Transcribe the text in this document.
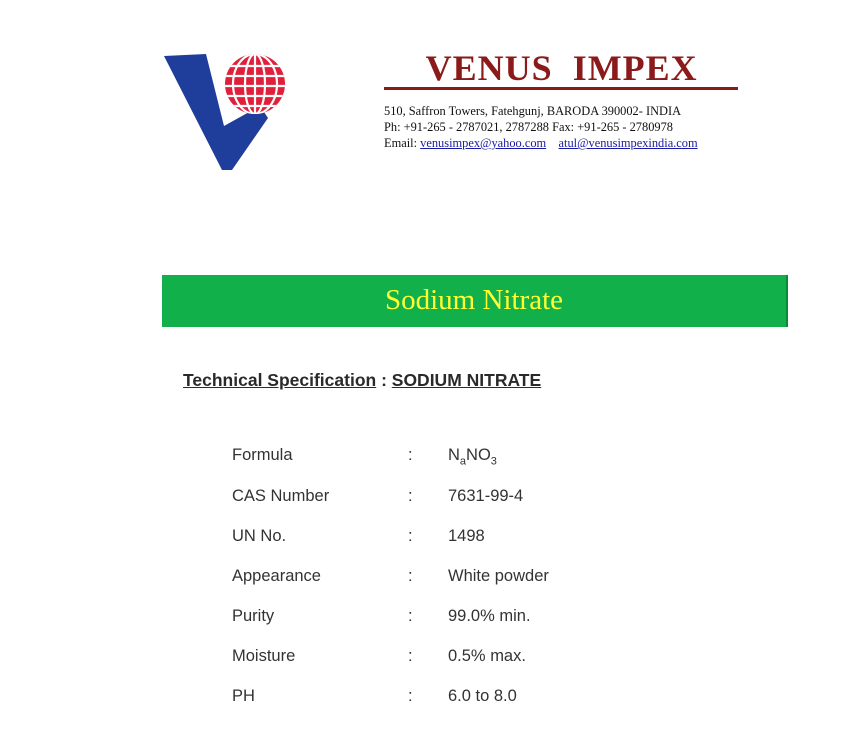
VENUS  IMPEX
510, Saffron Towers, Fatehgunj, BARODA 390002- INDIA
Ph: +91-265 - 2787021, 2787288 Fax: +91-265 - 2780978
Email: venusimpex@yahoo.com atul@venusimpexindia.com
Sodium Nitrate
Technical Specification : SODIUM NITRATE
Formula	: $N_aNO_3$
CAS Number	: 7631-99-4
UN No.	: 1498
Appearance	: White powder
Purity	: 99.0% min.
Moisture	: 0.5% max.
PH	: 6.0 to 8.0
